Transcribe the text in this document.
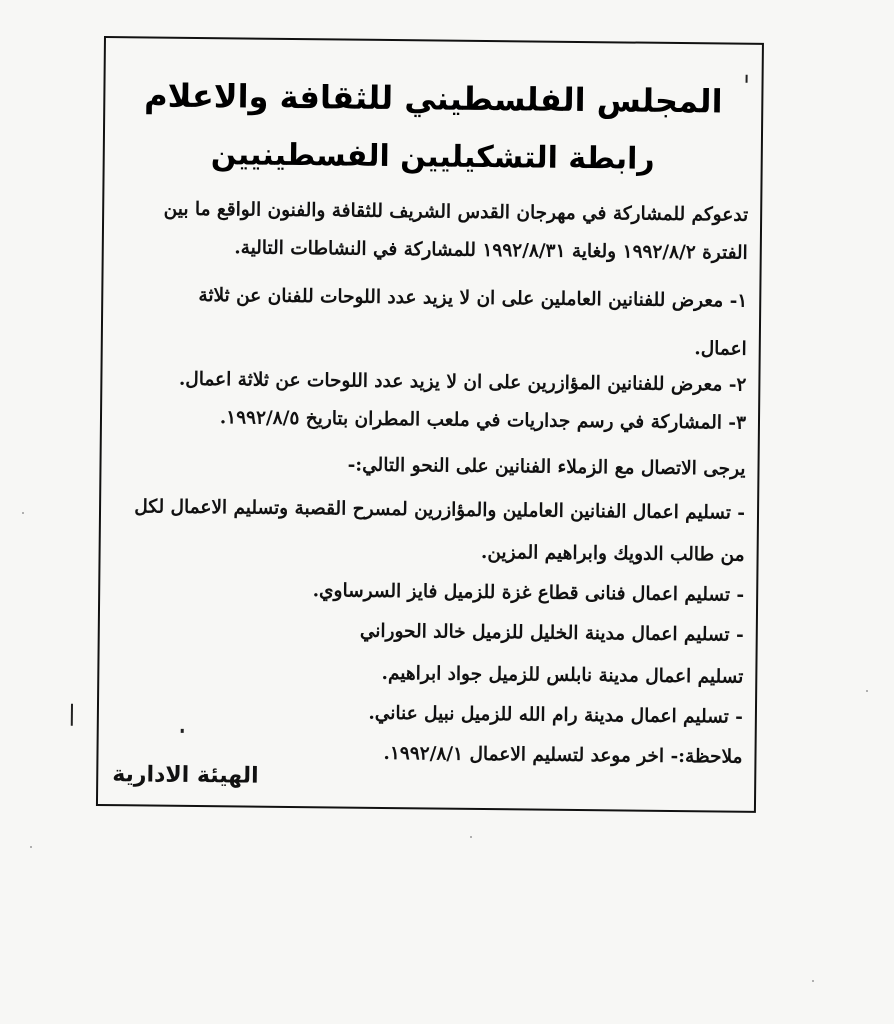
المجلس الفلسطيني للثقافة والاعلام
رابطة التشكيليين الفسطينيين
تدعوكم للمشاركة في مهرجان القدس الشريف للثقافة والفنون الواقع ما بين
الفترة ١٩٩٢/٨/٢ ولغاية ١٩٩٢/٨/٣١ للمشاركة في النشاطات التالية.
١- معرض للفنانين العاملين على ان لا يزيد عدد اللوحات للفنان عن ثلاثة
اعمال.
٢- معرض للفنانين المؤازرين على ان لا يزيد عدد اللوحات عن ثلاثة اعمال.
٣- المشاركة في رسم جداريات في ملعب المطران بتاريخ ١٩٩٢/٨/٥.
يرجى الاتصال مع الزملاء الفنانين على النحو التالي:-
- تسليم اعمال الفنانين العاملين والمؤازرين لمسرح القصبة وتسليم الاعمال لكل
من طالب الدويك وابراهيم المزين.
- تسليم اعمال فنانى قطاع غزة للزميل فايز السرساوي.
- تسليم اعمال مدينة الخليل للزميل خالد الحوراني
تسليم اعمال مدينة نابلس للزميل جواد ابراهيم.
- تسليم اعمال مدينة رام الله للزميل نبيل عناني.
ملاحظة:- اخر موعد لتسليم الاعمال ١٩٩٢/٨/١.
الهيئة الادارية
